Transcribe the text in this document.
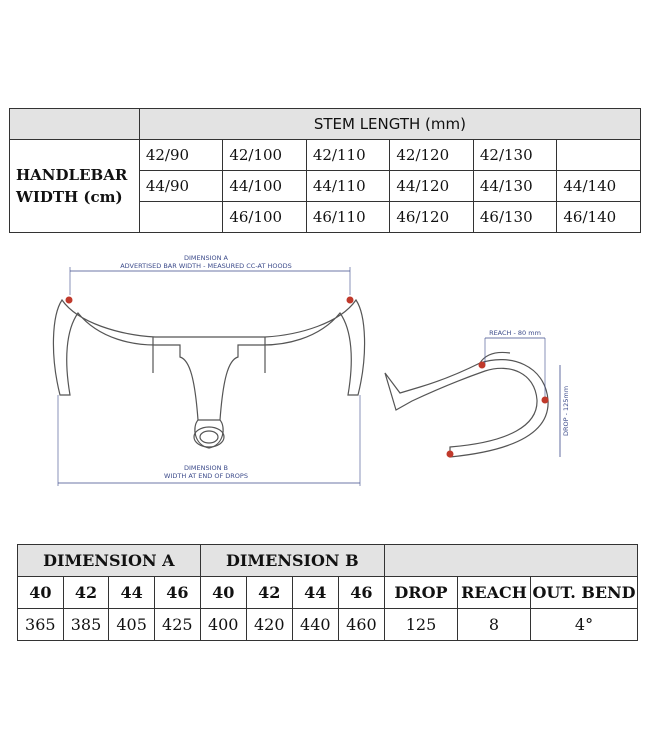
	STEM LENGTH (mm)					
HANDLEBAR
WIDTH (cm)	42/90	42/100	42/110	42/120	42/130	
	44/90	44/100	44/110	44/120	44/130	44/140
		46/100	46/110	46/120	46/130	46/140
DIMENSION A
ADVERTISED BAR WIDTH - MEASURED CC-AT HOODS
DIMENSION B
WIDTH AT END OF DROPS
REACH - 80 mm
DROP - 125mm
DIMENSION A				DIMENSION B						
40	42	44	46	40	42	44	46	DROP	REACH	OUT. BEND
365	385	405	425	400	420	440	460	125	8	4°
